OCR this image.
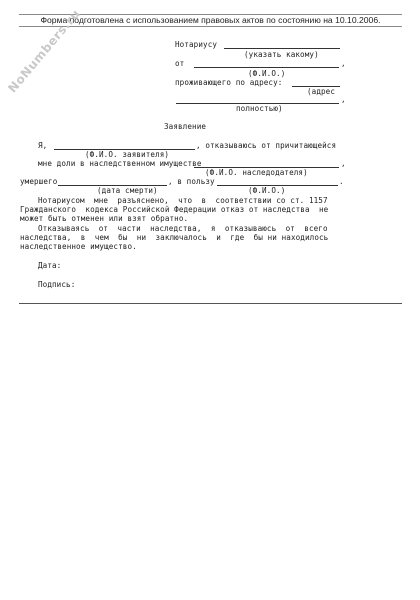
Форма подготовлена с использованием правовых актов по состоянию на 10.10.2006.
NoNumbers.ru	Нотариусу
(указать какому)
от	,
(Ф.И.О.)
проживающего по адресу:
(адрес
,
полностью)
Заявление
Я,	, отказываюсь от причитающейся
(Ф.И.О. заявителя)
мне доли в наследственном имуществе	,
(Ф.И.О. наследодателя)
умершего	, в пользу	.
(дата смерти)	(Ф.И.О.)
Нотариусом  мне  разъяснено,  что  в  соответствии со ст. 1157
Гражданского  кодекса Российской Федерации отказ от наследства  не
может быть отменен или взят обратно.
Отказываясь  от  части  наследства,  я  отказываюсь  от  всего
наследства,  в  чем  бы  ни  заключалось  и  где  бы ни находилось
наследственное имущество.
Дата:
Подпись:
